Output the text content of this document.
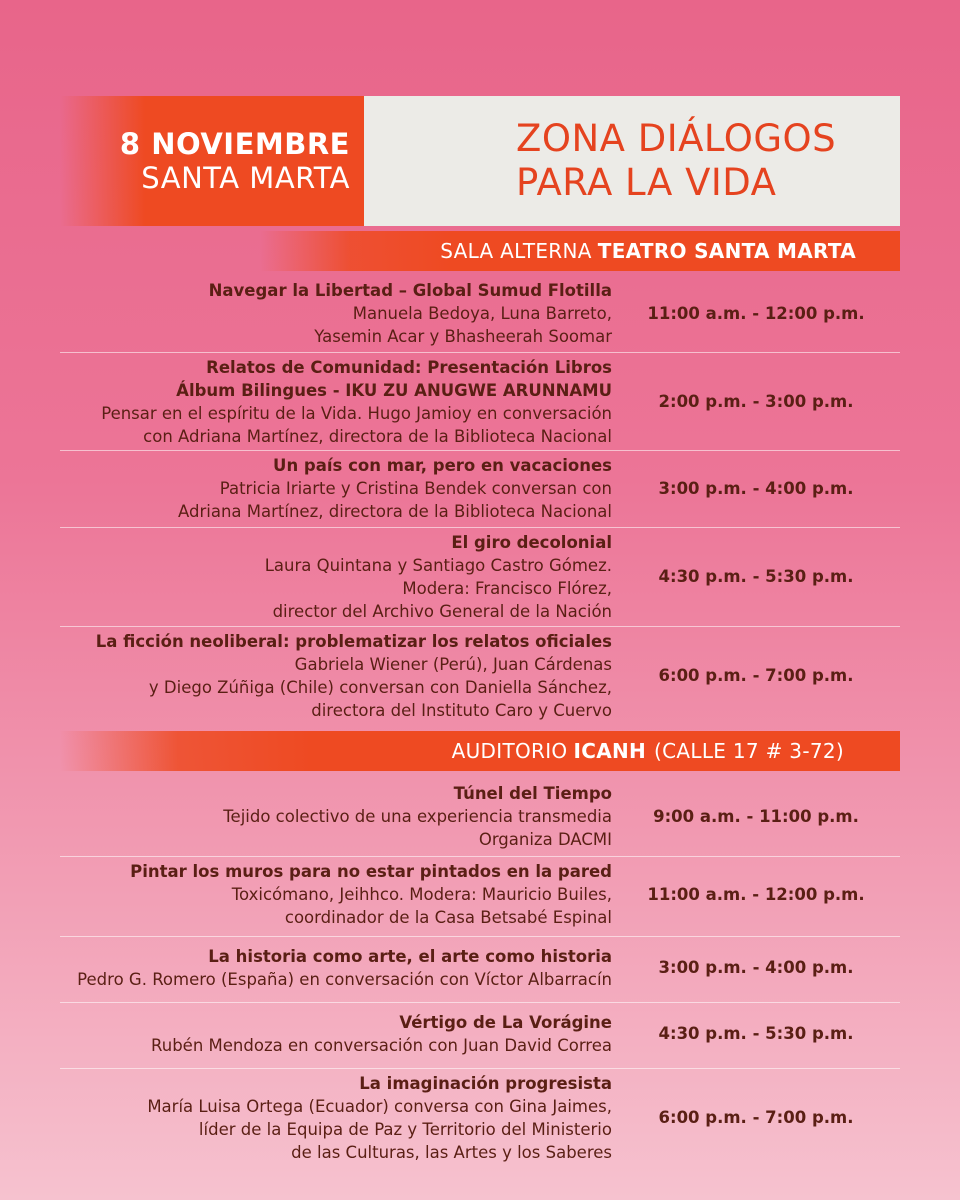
8 NOVIEMBRE
SANTA MARTA
ZONA DIÁLOGOS
PARA LA VIDA
SALA ALTERNA TEATRO SANTA MARTA
Navegar la Libertad – Global Sumud Flotilla
Manuela Bedoya, Luna Barreto,
Yasemin Acar y Bhasheerah Soomar
11:00 a.m. - 12:00 p.m.
Relatos de Comunidad: Presentación Libros
Álbum Bilingues - IKU ZU ANUGWE ARUNNAMU
Pensar en el espíritu de la Vida. Hugo Jamioy en conversación
con Adriana Martínez, directora de la Biblioteca Nacional
2:00 p.m. - 3:00 p.m.
Un país con mar, pero en vacaciones
Patricia Iriarte y Cristina Bendek conversan con
Adriana Martínez, directora de la Biblioteca Nacional
3:00 p.m. - 4:00 p.m.
El giro decolonial
Laura Quintana y Santiago Castro Gómez.
Modera: Francisco Flórez,
director del Archivo General de la Nación
4:30 p.m. - 5:30 p.m.
La ficción neoliberal: problematizar los relatos oficiales
Gabriela Wiener (Perú), Juan Cárdenas
y Diego Zúñiga (Chile) conversan con Daniella Sánchez,
directora del Instituto Caro y Cuervo
6:00 p.m. - 7:00 p.m.
AUDITORIO ICANH (CALLE 17 # 3-72)
Túnel del Tiempo
Tejido colectivo de una experiencia transmedia
Organiza DACMI
9:00 a.m. - 11:00 p.m.
Pintar los muros para no estar pintados en la pared
Toxicómano, Jeihhco. Modera: Mauricio Builes,
coordinador de la Casa Betsabé Espinal
11:00 a.m. - 12:00 p.m.
La historia como arte, el arte como historia
Pedro G. Romero (España) en conversación con Víctor Albarracín
3:00 p.m. - 4:00 p.m.
Vértigo de La Vorágine
Rubén Mendoza en conversación con Juan David Correa
4:30 p.m. - 5:30 p.m.
La imaginación progresista
María Luisa Ortega (Ecuador) conversa con Gina Jaimes,
líder de la Equipa de Paz y Territorio del Ministerio
de las Culturas, las Artes y los Saberes
6:00 p.m. - 7:00 p.m.
